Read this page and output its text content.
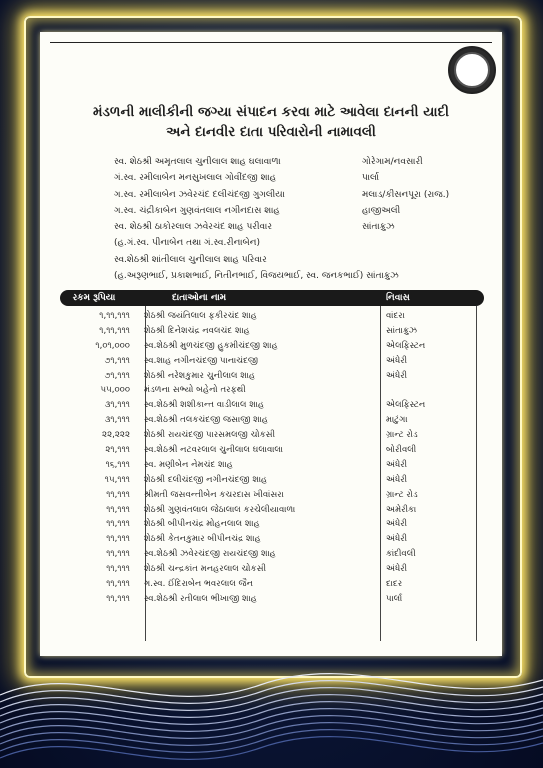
મંડળની માલીકીની જગ્યા સંપાદન કરવા માટે આવેલા દાનની યાદી
અને દાનવીર દાતા પરિવારોની નામાવલી
સ્વ. શેઠશ્રી અમૃતલાલ ચુનીલાલ શાહ ઘલાવાળા	ગોરેગામ/નવસારી
ગં.સ્વ. રમીલાબેન મનસુખલાલ ગોવીંદજી શાહ	પાર્લા
ગ.સ્વ. રમીલાબેન ઝવેરચંદ દલીચંદજી ગુગલીયા	મલાડ/કીસનપૂરા (રાજ.)
ગ.સ્વ. ચંદ્રીકાબેન ગુણવંતલાલ નગીનદાસ શાહ	હાજીઅલી
સ્વ. શેઠશ્રી ઠાકોરલાલ ઝવેરચંદ શાહ પરીવાર	સાંતાક્રુઝ
(હ.ગં.સ્વ. પીનાબેન તથા ગં.સ્વ.રીનાબેન)
સ્વ.શેઠશ્રી શાંતીલાલ ચુનીલાલ શાહ પરિવાર
(હ.અરૂણભાઈ, પ્રકાશભાઈ, નિતીનભાઈ, વિજયભાઈ, સ્વ. જનકભાઈ) સાંતાક્રુઝ
રકમ રૂપિયા	દાતાઓના નામ	નિવાસ
૧,૧૧,૧૧૧ શેઠશ્રી જયંતિલાલ ફકીરચંદ શાહ	વાંદરા
૧,૧૧,૧૧૧ શેઠશ્રી દિનેશચંદ્ર નવલચંદ શાહ	સાંતાક્રુઝ
૧,૦૧,૦૦૦ સ્વ.શેઠશ્રી મુળચંદજી હુકમીચંદજી શાહ	એલફિસ્ટન
૭૧,૧૧૧ સ્વ.શાહ નગીનચંદજી પાનાચંદજી	અંધેરી
૭૧,૧૧૧ શેઠશ્રી નરેશકુમાર ચુનીલાલ શાહ	અંધેરી
૫૫,૦૦૦ મંડળના સભ્યો બહેનો તરફથી
૩૧,૧૧૧ સ્વ.શેઠશ્રી શશીકાન્ત વાડીલાલ શાહ	એલફિસ્ટન
૩૧,૧૧૧ સ્વ.શેઠશ્રી તલકચંદજી જસાજી શાહ	માટુંગા
૨૨,૨૨૨ શેઠશ્રી રાયચંદજી પારસમલજી ચોકસી	ગ્રાન્ટ રોડ
૨૧,૧૧૧ સ્વ.શેઠશ્રી નટવરલાલ ચુનીલાલ ઘલાવાલા	બોરીવલી
૧૬,૧૧૧ સ્વ. મણીબેન નેમચંદ શાહ	અંધેરી
૧૫,૧૧૧ શેઠશ્રી દલીચંદજી નગીનચંદજી શાહ	અંધેરી
૧૧,૧૧૧ શ્રીમતી જસવન્તીબેન કચરદાસ ખીવાંસરા	ગ્રાન્ટ રોડ
૧૧,૧૧૧ શેઠશ્રી ગુણવંતલાલ જેઠાલાલ કરચેલીયાવાળા	અમેરીકા
૧૧,૧૧૧ શેઠશ્રી બીપીનચંદ્ર મોહનલાલ શાહ	અંધેરી
૧૧,૧૧૧ શેઠશ્રી કેતનકુમાર બીપીનચંદ્ર શાહ	અંધેરી
૧૧,૧૧૧ સ્વ.શેઠશ્રી ઝવેરચંદજી રાયચંદજી શાહ	કાંદીવલી
૧૧,૧૧૧ શેઠશ્રી ચન્દ્રકાંત મનહરલાલ ચોકસી	અંધેરી
૧૧,૧૧૧ ગ.સ્વ. ઈંદિરાબેન ભવરલાલ જૈન	દાદર
૧૧,૧૧૧ સ્વ.શેઠશ્રી રતીલાલ ભીખાજી શાહ	પાર્લા
